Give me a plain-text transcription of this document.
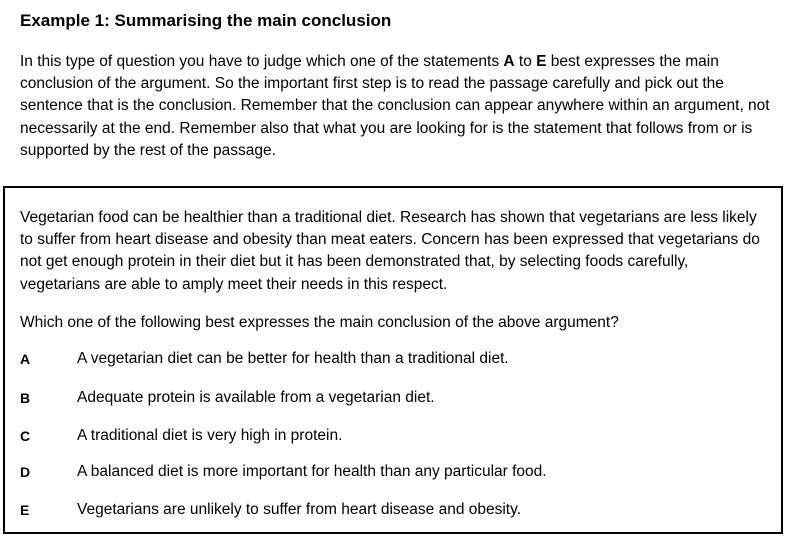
Example 1: Summarising the main conclusion

In this type of question you have to judge which one of the statements A to E best expresses the main conclusion of the argument. So the important first step is to read the passage carefully and pick out the sentence that is the conclusion. Remember that the conclusion can appear anywhere within an argument, not necessarily at the end. Remember also that what you are looking for is the statement that follows from or is supported by the rest of the passage.

Vegetarian food can be healthier than a traditional diet. Research has shown that vegetarians are less likely to suffer from heart disease and obesity than meat eaters. Concern has been expressed that vegetarians do not get enough protein in their diet but it has been demonstrated that, by selecting foods carefully, vegetarians are able to amply meet their needs in this respect.

Which one of the following best expresses the main conclusion of the above argument?
A	A vegetarian diet can be better for health than a traditional diet.
B	Adequate protein is available from a vegetarian diet.
C	A traditional diet is very high in protein.
D	A balanced diet is more important for health than any particular food.
E	Vegetarians are unlikely to suffer from heart disease and obesity.
